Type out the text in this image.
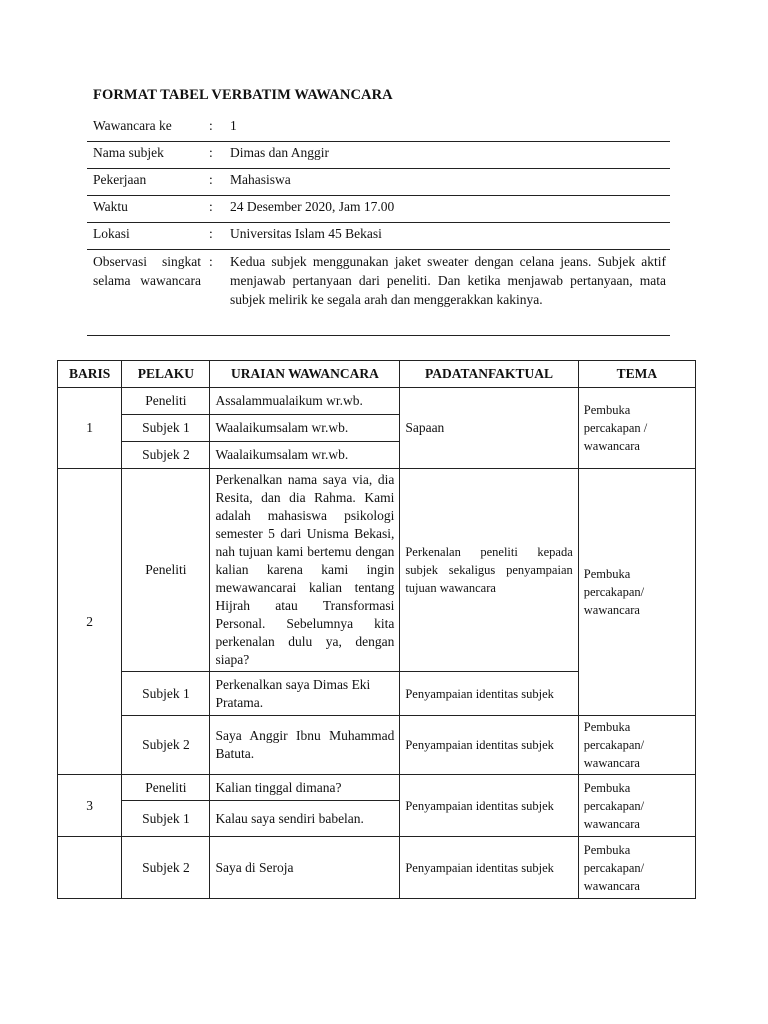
FORMAT TABEL VERBATIM WAWANCARA
Wawancara ke	:	1
Nama subjek	:	Dimas dan Anggir
Pekerjaan	:	Mahasiswa
Waktu	:	24 Desember 2020, Jam 17.00
Lokasi	:	Universitas Islam 45 Bekasi
Observasi singkat selama wawancara
:	Kedua subjek menggunakan jaket sweater dengan celana jeans. Subjek aktif menjawab pertanyaan dari peneliti. Dan ketika menjawab pertanyaan, mata subjek melirik ke segala arah dan menggerakkan kakinya.
BARIS	PELAKU	URAIAN WAWANCARA	PADATANFAKTUAL	TEMA
1	Peneliti	Assalammualaikum wr.wb.	Sapaan	Pembuka percakapan / wawancara
	Subjek 1	Waalaikumsalam wr.wb.		
	Subjek 2	Waalaikumsalam wr.wb.		
2	Peneliti	Perkenalkan nama saya via, dia Resita, dan dia Rahma. Kami adalah mahasiswa psikologi semester 5 dari Unisma Bekasi, nah tujuan kami bertemu dengan kalian karena kami ingin mewawancarai kalian tentang Hijrah atau Transformasi Personal. Sebelumnya kita perkenalan dulu ya, dengan siapa?	Perkenalan peneliti kepada subjek sekaligus penyampaian tujuan wawancara	Pembuka percakapan/ wawancara
	Subjek 1	Perkenalkan saya Dimas Eki Pratama.	Penyampaian identitas subjek	
	Subjek 2	Saya Anggir Ibnu Muhammad Batuta.	Penyampaian identitas subjek	Pembuka percakapan/ wawancara
3	Peneliti	Kalian tinggal dimana?	Penyampaian identitas subjek	Pembuka percakapan/ wawancara
	Subjek 1	Kalau saya sendiri babelan.		
	Subjek 2	Saya di Seroja	Penyampaian identitas subjek	Pembuka percakapan/ wawancara
